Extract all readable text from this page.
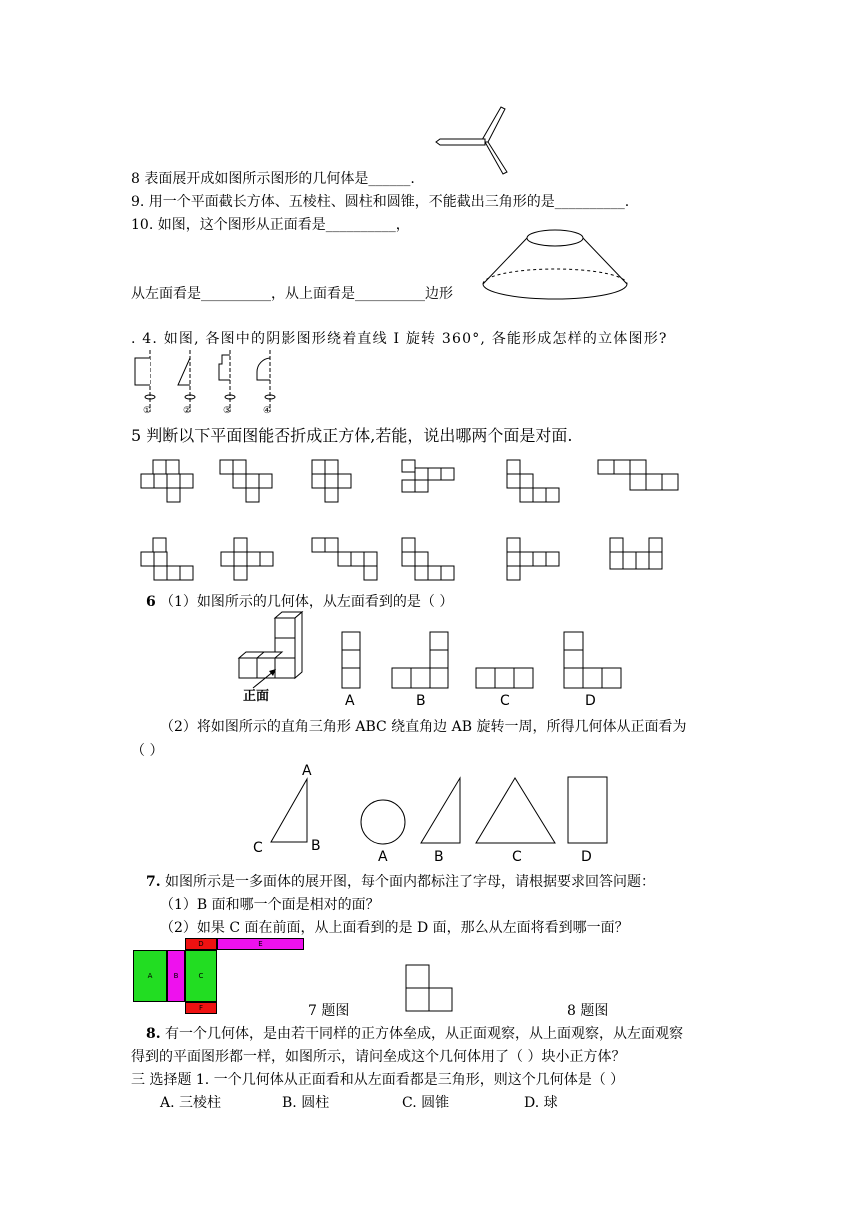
8 表面展开成如图所示图形的几何体是______.
9. 用一个平面截长方体、五棱柱、圆柱和圆锥，不能截出三角形的是__________.
10. 如图，这个图形从正面看是__________，
从左面看是__________，从上面看是__________边形
. 4. 如图, 各图中的阴影图形绕着直线 I 旋转 360°, 各能形成怎样的立体图形?
①	②	③	④
5 判断以下平面图能否折成正方体,若能，说出哪两个面是对面.
6 （1）如图所示的几何体，从左面看到的是（ ）
正面	A	B	C	D
（2）将如图所示的直角三角形 ABC 绕直角边 AB 旋转一周，所得几何体从正面看为
（ ）
A
B
C
A	B	C	D
7. 如图所示是一多面体的展开图，每个面内都标注了字母，请根据要求回答问题：
（1）B 面和哪一个面是相对的面？
（2）如果 C 面在前面，从上面看到的是 D 面，那么从左面将看到哪一面？
D	E
A	B	C
F	7 题图	8 题图
8. 有一个几何体，是由若干同样的正方体垒成，从正面观察，从上面观察，从左面观察
得到的平面图形都一样，如图所示，请问垒成这个几何体用了（ ）块小正方体？
三 选择题 1. 一个几何体从正面看和从左面看都是三角形，则这个几何体是（ ）
A. 三棱柱	B. 圆柱	C. 圆锥	D. 球
